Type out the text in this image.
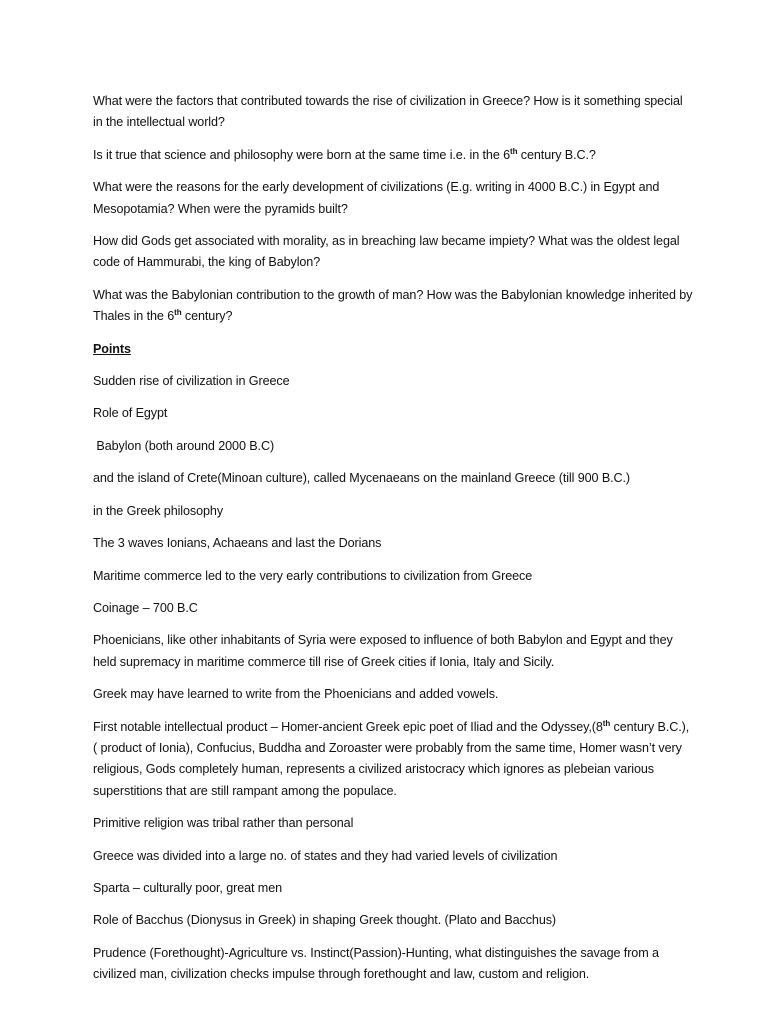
What were the factors that contributed towards the rise of civilization in Greece? How is it something special in the intellectual world?

Is it true that science and philosophy were born at the same time i.e. in the 6th century B.C.?

What were the reasons for the early development of civilizations (E.g. writing in 4000 B.C.) in Egypt and Mesopotamia? When were the pyramids built?

How did Gods get associated with morality, as in breaching law became impiety? What was the oldest legal code of Hammurabi, the king of Babylon?

What was the Babylonian contribution to the growth of man? How was the Babylonian knowledge inherited by Thales in the 6th century?

Points

Sudden rise of civilization in Greece

Role of Egypt

Babylon (both around 2000 B.C)

and the island of Crete(Minoan culture), called Mycenaeans on the mainland Greece (till 900 B.C.)

in the Greek philosophy

The 3 waves Ionians, Achaeans and last the Dorians

Maritime commerce led to the very early contributions to civilization from Greece

Coinage – 700 B.C

Phoenicians, like other inhabitants of Syria were exposed to influence of both Babylon and Egypt and they held supremacy in maritime commerce till rise of Greek cities if Ionia, Italy and Sicily.

Greek may have learned to write from the Phoenicians and added vowels.

First notable intellectual product – Homer-ancient Greek epic poet of Iliad and the Odyssey,(8th century B.C.), ( product of Ionia), Confucius, Buddha and Zoroaster were probably from the same time, Homer wasn’t very religious, Gods completely human, represents a civilized aristocracy which ignores as plebeian various superstitions that are still rampant among the populace.

Primitive religion was tribal rather than personal

Greece was divided into a large no. of states and they had varied levels of civilization

Sparta – culturally poor, great men

Role of Bacchus (Dionysus in Greek) in shaping Greek thought. (Plato and Bacchus)

Prudence (Forethought)-Agriculture vs. Instinct(Passion)-Hunting, what distinguishes the savage from a civilized man, civilization checks impulse through forethought and law, custom and religion.
